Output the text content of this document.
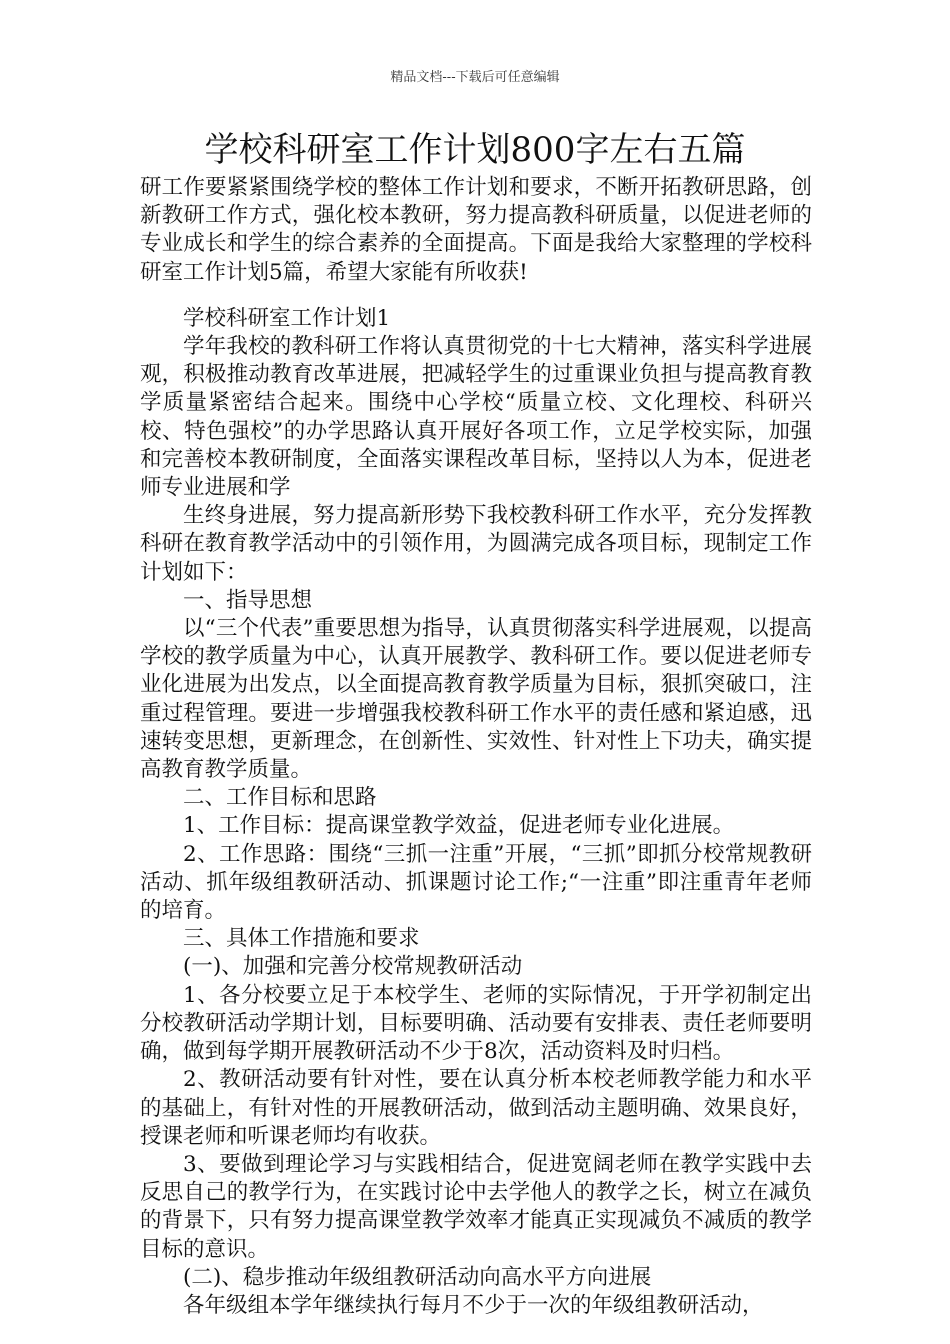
精品文档---下载后可任意编辑
学校科研室工作计划800字左右五篇

研工作要紧紧围绕学校的整体工作计划和要求，不断开拓教研思路，创新教研工作方式，强化校本教研，努力提高教科研质量，以促进老师的专业成长和学生的综合素养的全面提高。下面是我给大家整理的学校科研室工作计划5篇，希望大家能有所收获!

学校科研室工作计划1

学年我校的教科研工作将认真贯彻党的十七大精神，落实科学进展观，积极推动教育改革进展，把减轻学生的过重课业负担与提高教育教学质量紧密结合起来。围绕中心学校“质量立校、文化理校、科研兴校、特色强校”的办学思路认真开展好各项工作，立足学校实际，加强和完善校本教研制度，全面落实课程改革目标，坚持以人为本，促进老师专业进展和学

生终身进展，努力提高新形势下我校教科研工作水平，充分发挥教科研在教育教学活动中的引领作用，为圆满完成各项目标，现制定工作计划如下：

一、指导思想

以“三个代表”重要思想为指导，认真贯彻落实科学进展观，以提高学校的教学质量为中心，认真开展教学、教科研工作。要以促进老师专业化进展为出发点，以全面提高教育教学质量为目标，狠抓突破口，注重过程管理。要进一步增强我校教科研工作水平的责任感和紧迫感，迅速转变思想，更新理念，在创新性、实效性、针对性上下功夫，确实提高教育教学质量。

二、工作目标和思路

1、工作目标：提高课堂教学效益，促进老师专业化进展。

2、工作思路：围绕“三抓一注重”开展，“三抓”即抓分校常规教研活动、抓年级组教研活动、抓课题讨论工作;“一注重”即注重青年老师的培育。

三、具体工作措施和要求

(一)、加强和完善分校常规教研活动

1、各分校要立足于本校学生、老师的实际情况，于开学初制定出分校教研活动学期计划，目标要明确、活动要有安排表、责任老师要明确，做到每学期开展教研活动不少于8次，活动资料及时归档。

2、教研活动要有针对性，要在认真分析本校老师教学能力和水平的基础上，有针对性的开展教研活动，做到活动主题明确、效果良好，授课老师和听课老师均有收获。

3、要做到理论学习与实践相结合，促进宽阔老师在教学实践中去反思自己的教学行为，在实践讨论中去学他人的教学之长，树立在减负的背景下，只有努力提高课堂教学效率才能真正实现减负不减质的教学目标的意识。

(二)、稳步推动年级组教研活动向高水平方向进展

各年级组本学年继续执行每月不少于一次的年级组教研活动，
